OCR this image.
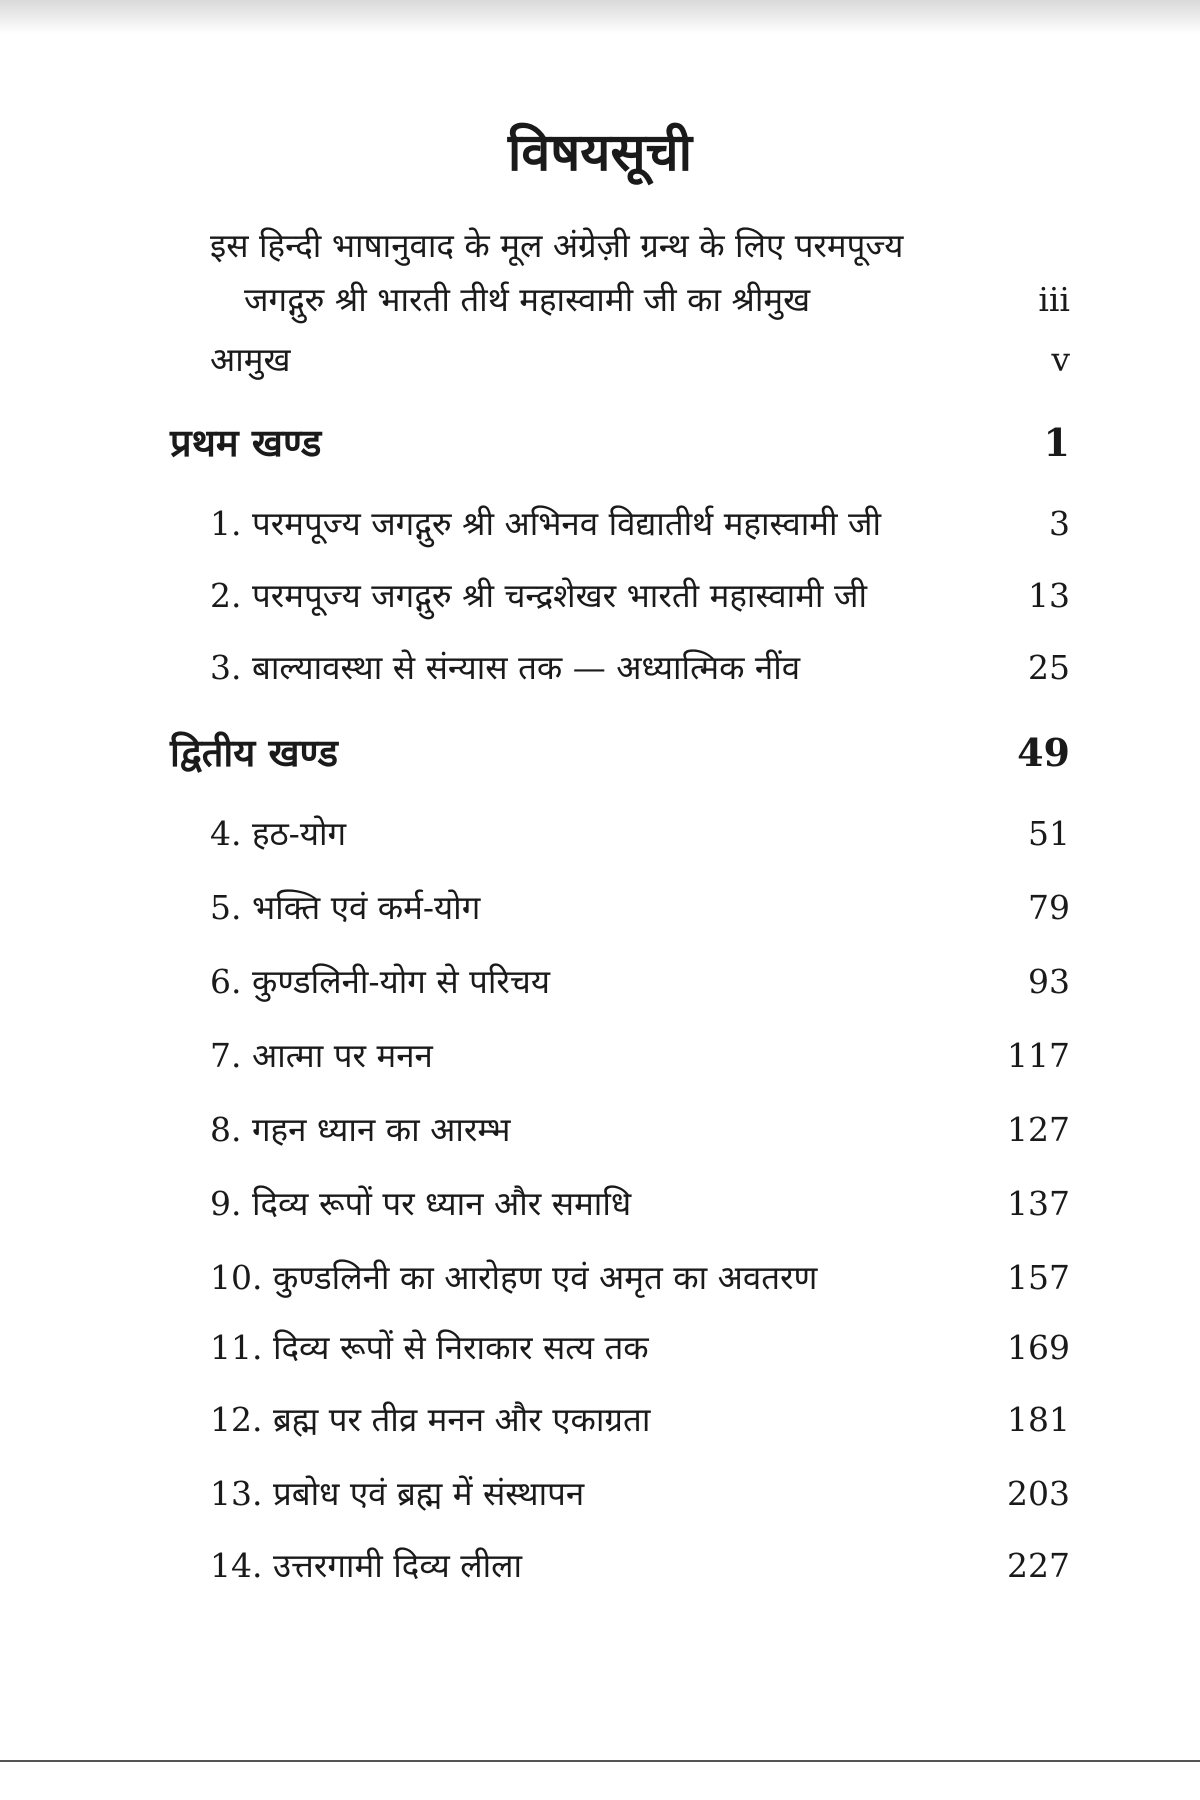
विषयसूची
इस हिन्दी भाषानुवाद के मूल अंग्रेज़ी ग्रन्थ के लिए परमपूज्य
जगद्गुरु श्री भारती तीर्थ महास्वामी जी का श्रीमुख	iii
आमुख	v
प्रथम खण्ड	1
1. परमपूज्य जगद्गुरु श्री अभिनव विद्यातीर्थ महास्वामी जी	3
2. परमपूज्य जगद्गुरु श्री चन्द्रशेखर भारती महास्वामी जी	13
3. बाल्यावस्था से संन्यास तक — अध्यात्मिक नींव	25
द्वितीय खण्ड	49
4. हठ-योग	51
5. भक्ति एवं कर्म-योग	79
6. कुण्डलिनी-योग से परिचय	93
7. आत्मा पर मनन	117
8. गहन ध्यान का आरम्भ	127
9. दिव्य रूपों पर ध्यान और समाधि	137
10. कुण्डलिनी का आरोहण एवं अमृत का अवतरण	157
11. दिव्य रूपों से निराकार सत्य तक	169
12. ब्रह्म पर तीव्र मनन और एकाग्रता	181
13. प्रबोध एवं ब्रह्म में संस्थापन	203
14. उत्तरगामी दिव्य लीला	227
